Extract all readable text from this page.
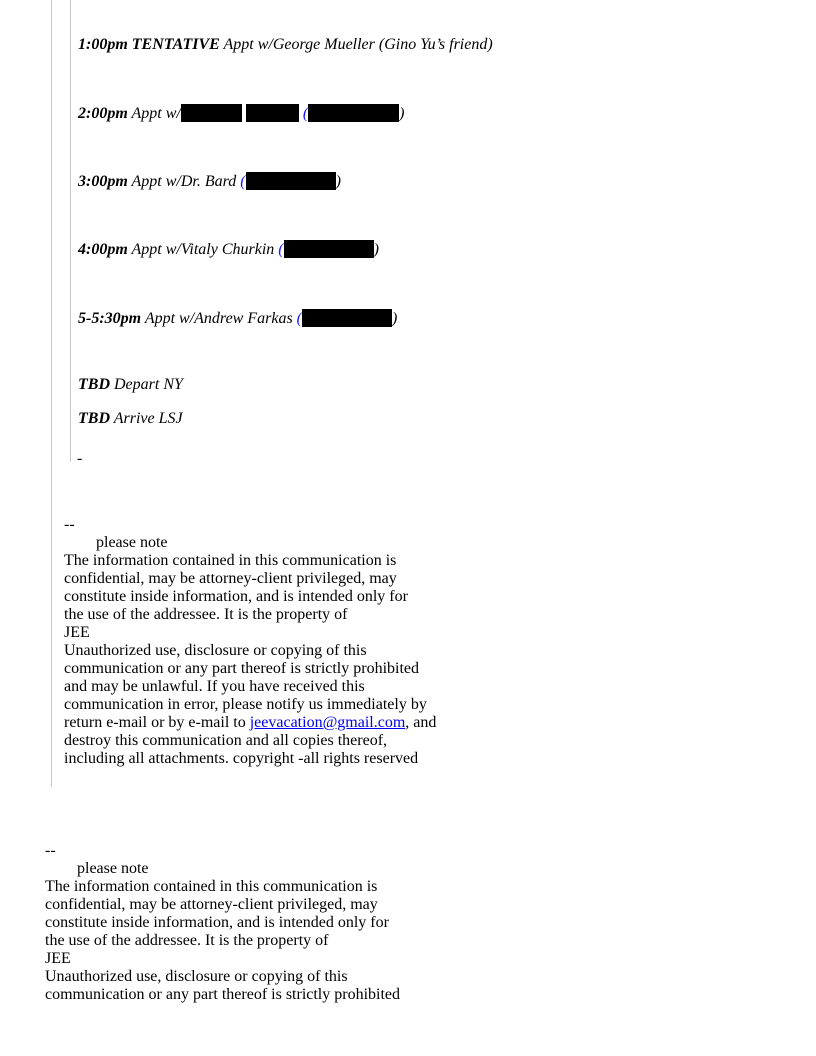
1:00pm TENTATIVE Appt w/George Mueller (Gino Yu’s friend)
2:00pm Appt w/	(	)
3:00pm Appt w/Dr. Bard (	)
4:00pm Appt w/Vitaly Churkin (	)
5-5:30pm Appt w/Andrew Farkas (	)
TBD Depart NY
TBD Arrive LSJ
-
--
please note
The information contained in this communication is
confidential, may be attorney-client privileged, may
constitute inside information, and is intended only for
the use of the addressee. It is the property of
JEE
Unauthorized use, disclosure or copying of this
communication or any part thereof is strictly prohibited
and may be unlawful. If you have received this
communication in error, please notify us immediately by
return e-mail or by e-mail to jeevacation@gmail.com, and
destroy this communication and all copies thereof,
including all attachments. copyright -all rights reserved
--
please note
The information contained in this communication is
confidential, may be attorney-client privileged, may
constitute inside information, and is intended only for
the use of the addressee. It is the property of
JEE
Unauthorized use, disclosure or copying of this
communication or any part thereof is strictly prohibited
